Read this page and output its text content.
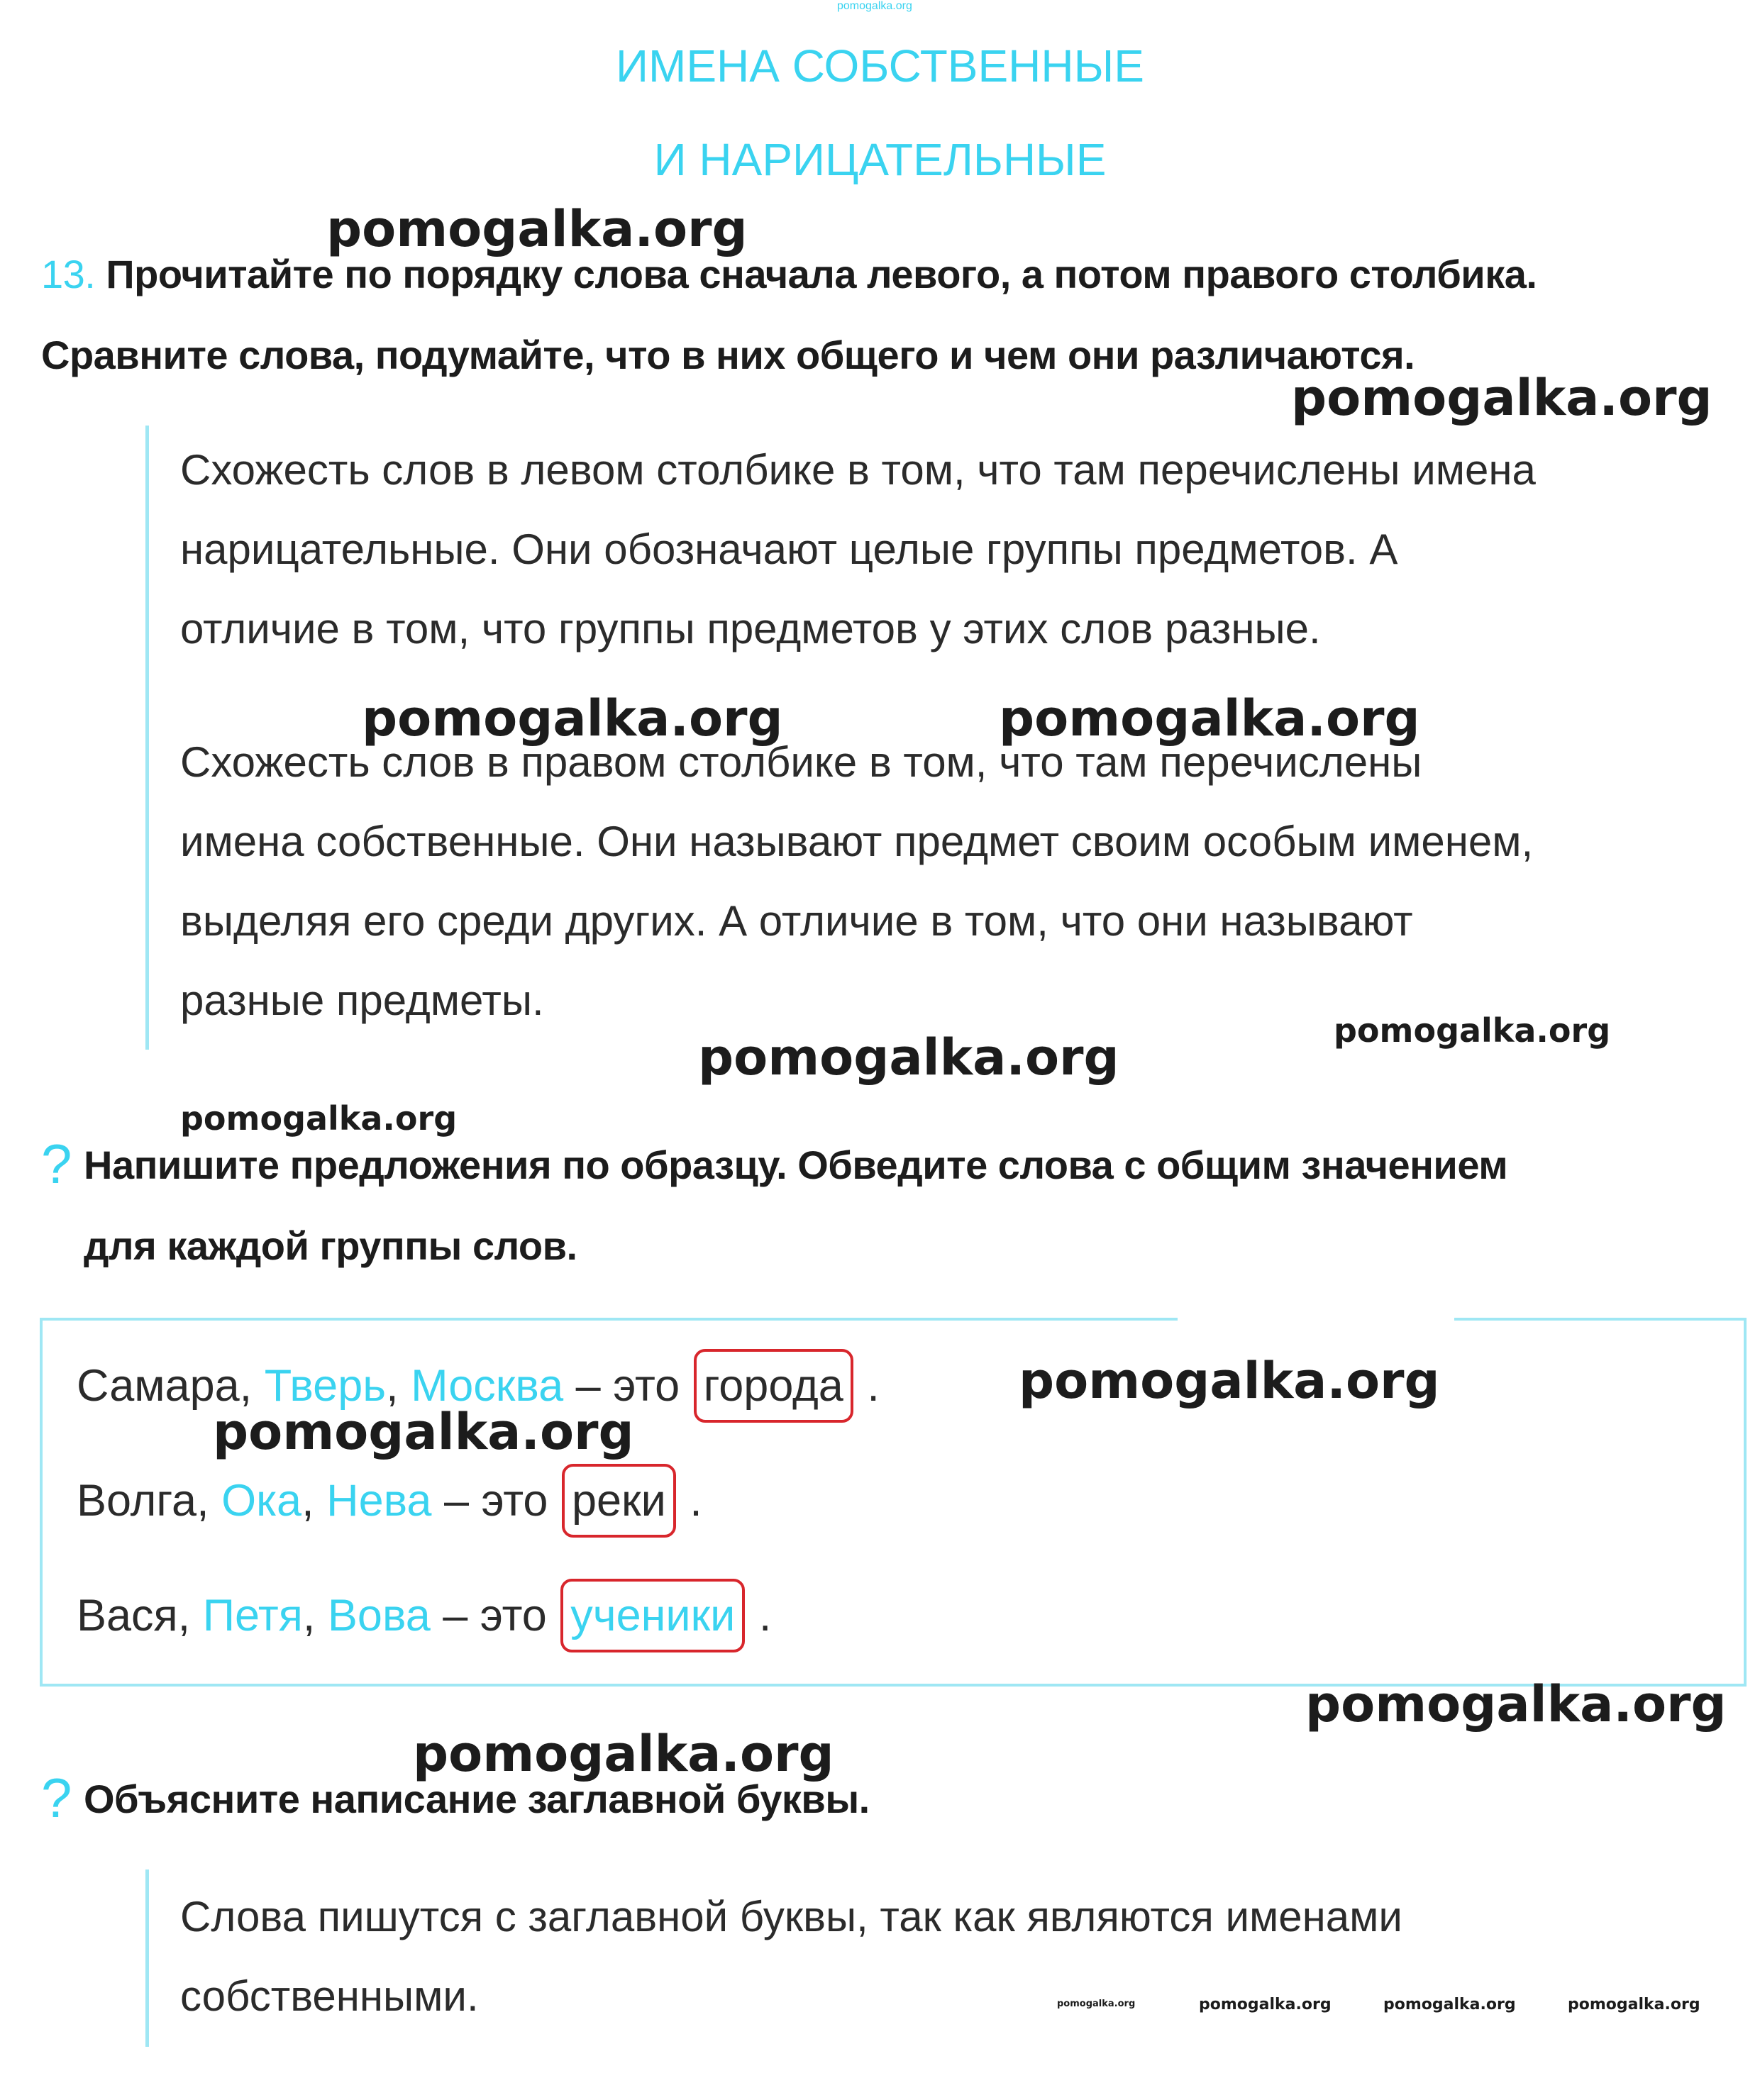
pomogalka.org
ИМЕНА СОБСТВЕННЫЕ
И НАРИЦАТЕЛЬНЫЕ
13. Прочитайте по порядку слова сначала левого, а потом правого столбика.
Сравните слова, подумайте, что в них общего и чем они различаются.
Схожесть слов в левом столбике в том, что там перечислены имена
нарицательные. Они обозначают целые группы предметов. А
отличие в том, что группы предметов у этих слов разные.
Схожесть слов в правом столбике в том, что там перечислены
имена собственные. Они называют предмет своим особым именем,
выделяя его среди других. А отличие в том, что они называют
разные предметы.
? Напишите предложения по образцу. Обведите слова с общим значением
для каждой группы слов.
Самара, Тверь, Москва – это города .
Волга, Ока, Нева – это реки .
Вася, Петя, Вова – это ученики .
? Объясните написание заглавной буквы.
Слова пишутся с заглавной буквы, так как являются именами
собственными.
pomogalka.org
pomogalka.org
pomogalka.org	pomogalka.org
pomogalka.org	pomogalka.org
pomogalka.org
pomogalka.org
pomogalka.org
pomogalka.org
pomogalka.org
pomogalka.org	pomogalka.org	pomogalka.org	pomogalka.org
